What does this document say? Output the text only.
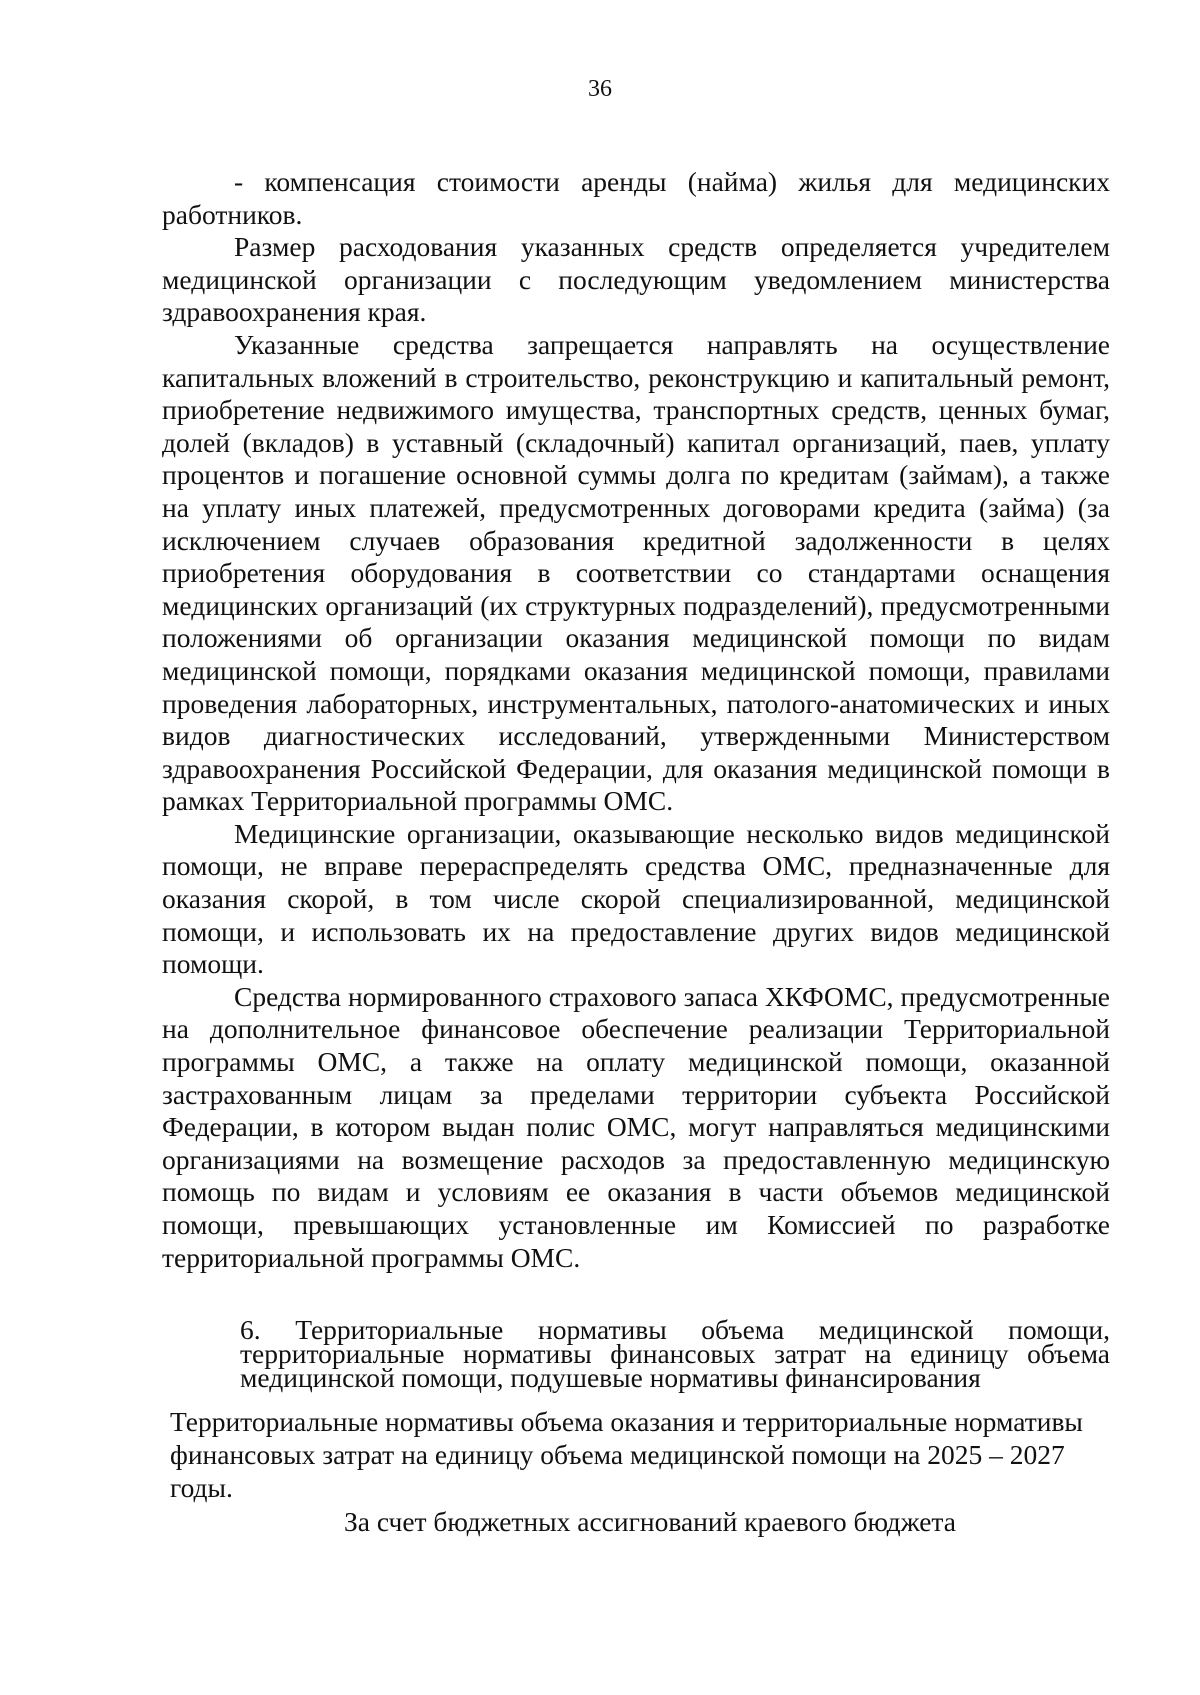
36

- компенсация стоимости аренды (найма) жилья для медицинских работников.

Размер расходования указанных средств определяется учредителем медицинской организации с последующим уведомлением министерства здравоохранения края.

Указанные средства запрещается направлять на осуществление капитальных вложений в строительство, реконструкцию и капитальный ремонт, приобретение недвижимого имущества, транспортных средств, ценных бумаг, долей (вкладов) в уставный (складочный) капитал организаций, паев, уплату процентов и погашение основной суммы долга по кредитам (займам), а также на уплату иных платежей, предусмотренных договорами кредита (займа) (за исключением случаев образования кредитной задолженности в целях приобретения оборудования в соответствии со стандартами оснащения медицинских организаций (их структурных подразделений), предусмотренными положениями об организации оказания медицинской помощи по видам медицинской помощи, порядками оказания медицинской помощи, правилами проведения лабораторных, инструментальных, патолого-анатомических и иных видов диагностических исследований, утвержденными Министерством здравоохранения Российской Федерации, для оказания медицинской помощи в рамках Территориальной программы ОМС.

Медицинские организации, оказывающие несколько видов медицинской помощи, не вправе перераспределять средства ОМС, предназначенные для оказания скорой, в том числе скорой специализированной, медицинской помощи, и использовать их на предоставление других видов медицинской помощи.

Средства нормированного страхового запаса ХКФОМС, предусмотренные на дополнительное финансовое обеспечение реализации Территориальной программы ОМС, а также на оплату медицинской помощи, оказанной застрахованным лицам за пределами территории субъекта Российской Федерации, в котором выдан полис ОМС, могут направляться медицинскими организациями на возмещение расходов за предоставленную медицинскую помощь по видам и условиям ее оказания в части объемов медицинской помощи, превышающих установленные им Комиссией по разработке территориальной программы ОМС.

6. Территориальные нормативы объема медицинской помощи,
территориальные нормативы финансовых затрат на единицу объема
медицинской помощи, подушевые нормативы финансирования

Территориальные нормативы объема оказания и территориальные нормативы финансовых затрат на единицу объема медицинской помощи на 2025 – 2027 годы.

За счет бюджетных ассигнований краевого бюджета
